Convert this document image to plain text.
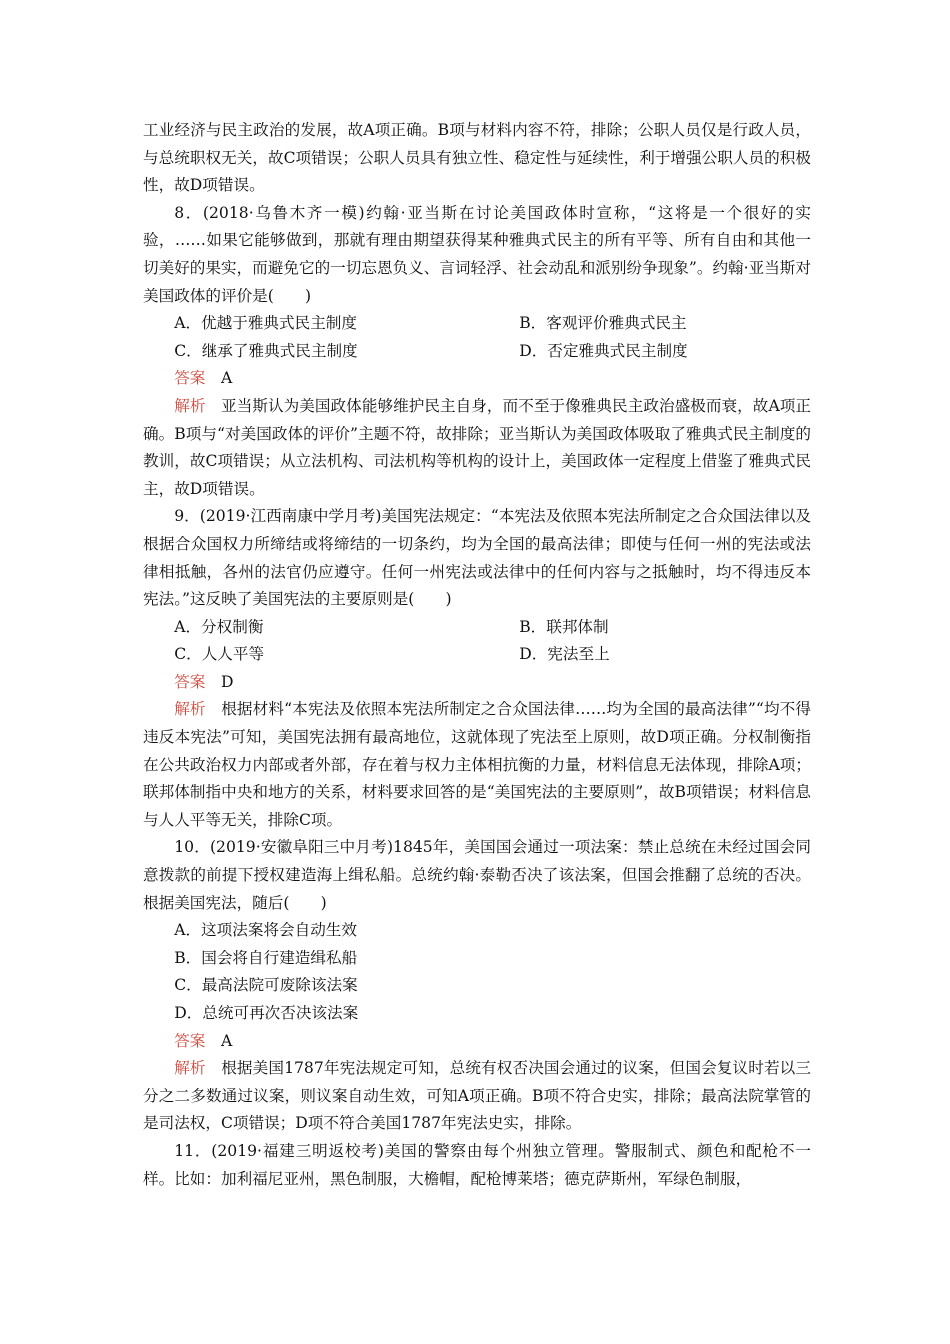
工业经济与民主政治的发展，故A项正确。B项与材料内容不符，排除；公职人员仅是行政人员，与总统职权无关，故C项错误；公职人员具有独立性、稳定性与延续性，利于增强公职人员的积极性，故D项错误。

8．(2018·乌鲁木齐一模)约翰·亚当斯在讨论美国政体时宣称，“这将是一个很好的实验，……如果它能够做到，那就有理由期望获得某种雅典式民主的所有平等、所有自由和其他一切美好的果实，而避免它的一切忘恩负义、言词轻浮、社会动乱和派别纷争现象”。约翰·亚当斯对美国政体的评价是(　　)

A．优越于雅典式民主制度	B．客观评价雅典式民主
C．继承了雅典式民主制度	D．否定雅典式民主制度

答案 A

解析 亚当斯认为美国政体能够维护民主自身，而不至于像雅典民主政治盛极而衰，故A项正确。B项与“对美国政体的评价”主题不符，故排除；亚当斯认为美国政体吸取了雅典式民主制度的教训，故C项错误；从立法机构、司法机构等机构的设计上，美国政体一定程度上借鉴了雅典式民主，故D项错误。

9．(2019·江西南康中学月考)美国宪法规定：“本宪法及依照本宪法所制定之合众国法律以及根据合众国权力所缔结或将缔结的一切条约，均为全国的最高法律；即使与任何一州的宪法或法律相抵触，各州的法官仍应遵守。任何一州宪法或法律中的任何内容与之抵触时，均不得违反本宪法。”这反映了美国宪法的主要原则是(　　)

A．分权制衡	B．联邦体制
C．人人平等	D．宪法至上

答案 D

解析 根据材料“本宪法及依照本宪法所制定之合众国法律……均为全国的最高法律”“均不得违反本宪法”可知，美国宪法拥有最高地位，这就体现了宪法至上原则，故D项正确。分权制衡指在公共政治权力内部或者外部，存在着与权力主体相抗衡的力量，材料信息无法体现，排除A项；联邦体制指中央和地方的关系，材料要求回答的是“美国宪法的主要原则”，故B项错误；材料信息与人人平等无关，排除C项。

10．(2019·安徽阜阳三中月考)1845年，美国国会通过一项法案：禁止总统在未经过国会同意拨款的前提下授权建造海上缉私船。总统约翰·泰勒否决了该法案，但国会推翻了总统的否决。根据美国宪法，随后(　　)

A．这项法案将会自动生效

B．国会将自行建造缉私船

C．最高法院可废除该法案

D．总统可再次否决该法案

答案 A

解析 根据美国1787年宪法规定可知，总统有权否决国会通过的议案，但国会复议时若以三分之二多数通过议案，则议案自动生效，可知A项正确。B项不符合史实，排除；最高法院掌管的是司法权，C项错误；D项不符合美国1787年宪法史实，排除。

11．(2019·福建三明返校考)美国的警察由每个州独立管理。警服制式、颜色和配枪不一样。比如：加利福尼亚州，黑色制服，大檐帽，配枪博莱塔；德克萨斯州，军绿色制服，
